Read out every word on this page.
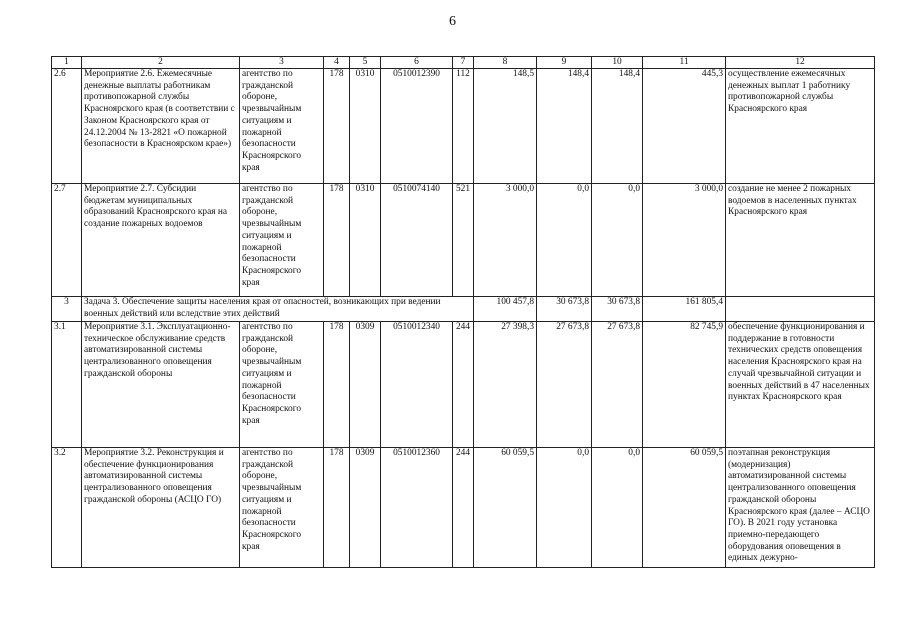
6
1	2	3	4	5	6	7	8	9	10	11	12
2.6	Мероприятие 2.6. Ежемесячные денежные выплаты работникам противопожарной службы Красноярского края (в соответствии с Законом Красноярского края от 24.12.2004 № 13-2821 «О пожарной безопасности в Красноярском крае»)	агентство по гражданской обороне, чрезвычайным ситуациям и пожарной безопасности Красноярского края	178	0310	0510012390	112	148,5	148,4	148,4	445,3	осуществление ежемесячных денежных выплат 1 работнику противопожарной службы Красноярского края
2.7	Мероприятие 2.7. Субсидии бюджетам муниципальных образований Красноярского края на создание пожарных водоемов	агентство по гражданской обороне, чрезвычайным ситуациям и пожарной безопасности Красноярского края	178	0310	0510074140	521	3 000,0	0,0	0,0	3 000,0	создание не менее 2 пожарных водоемов в населенных пунктах Красноярского края
3	Задача 3. Обеспечение защиты населения края от опасностей, возникающих при ведении военных действий или вследствие этих действий						100 457,8	30 673,8	30 673,8	161 805,4	
3.1	Мероприятие 3.1. Эксплуатационно-техническое обслуживание средств автоматизированной системы централизованного оповещения гражданской обороны	агентство по гражданской обороне, чрезвычайным ситуациям и пожарной безопасности Красноярского края	178	0309	0510012340	244	27 398,3	27 673,8	27 673,8	82 745,9	обеспечение функционирования и поддержание в готовности технических средств оповещения населения Красноярского края на случай чрезвычайной ситуации и военных действий в 47 населенных пунктах Красноярского края
3.2	Мероприятие 3.2. Реконструкция и обеспечение функционирования автоматизированной системы централизованного оповещения гражданской обороны (АСЦО ГО)	агентство по гражданской обороне, чрезвычайным ситуациям и пожарной безопасности Красноярского края	178	0309	0510012360	244	60 059,5	0,0	0,0	60 059,5	поэтапная реконструкция (модернизация) автоматизированной системы централизованного оповещения гражданской обороны Красноярского края (далее – АСЦО ГО). В 2021 году установка приемно-передающего оборудования оповещения в единых дежурно-
